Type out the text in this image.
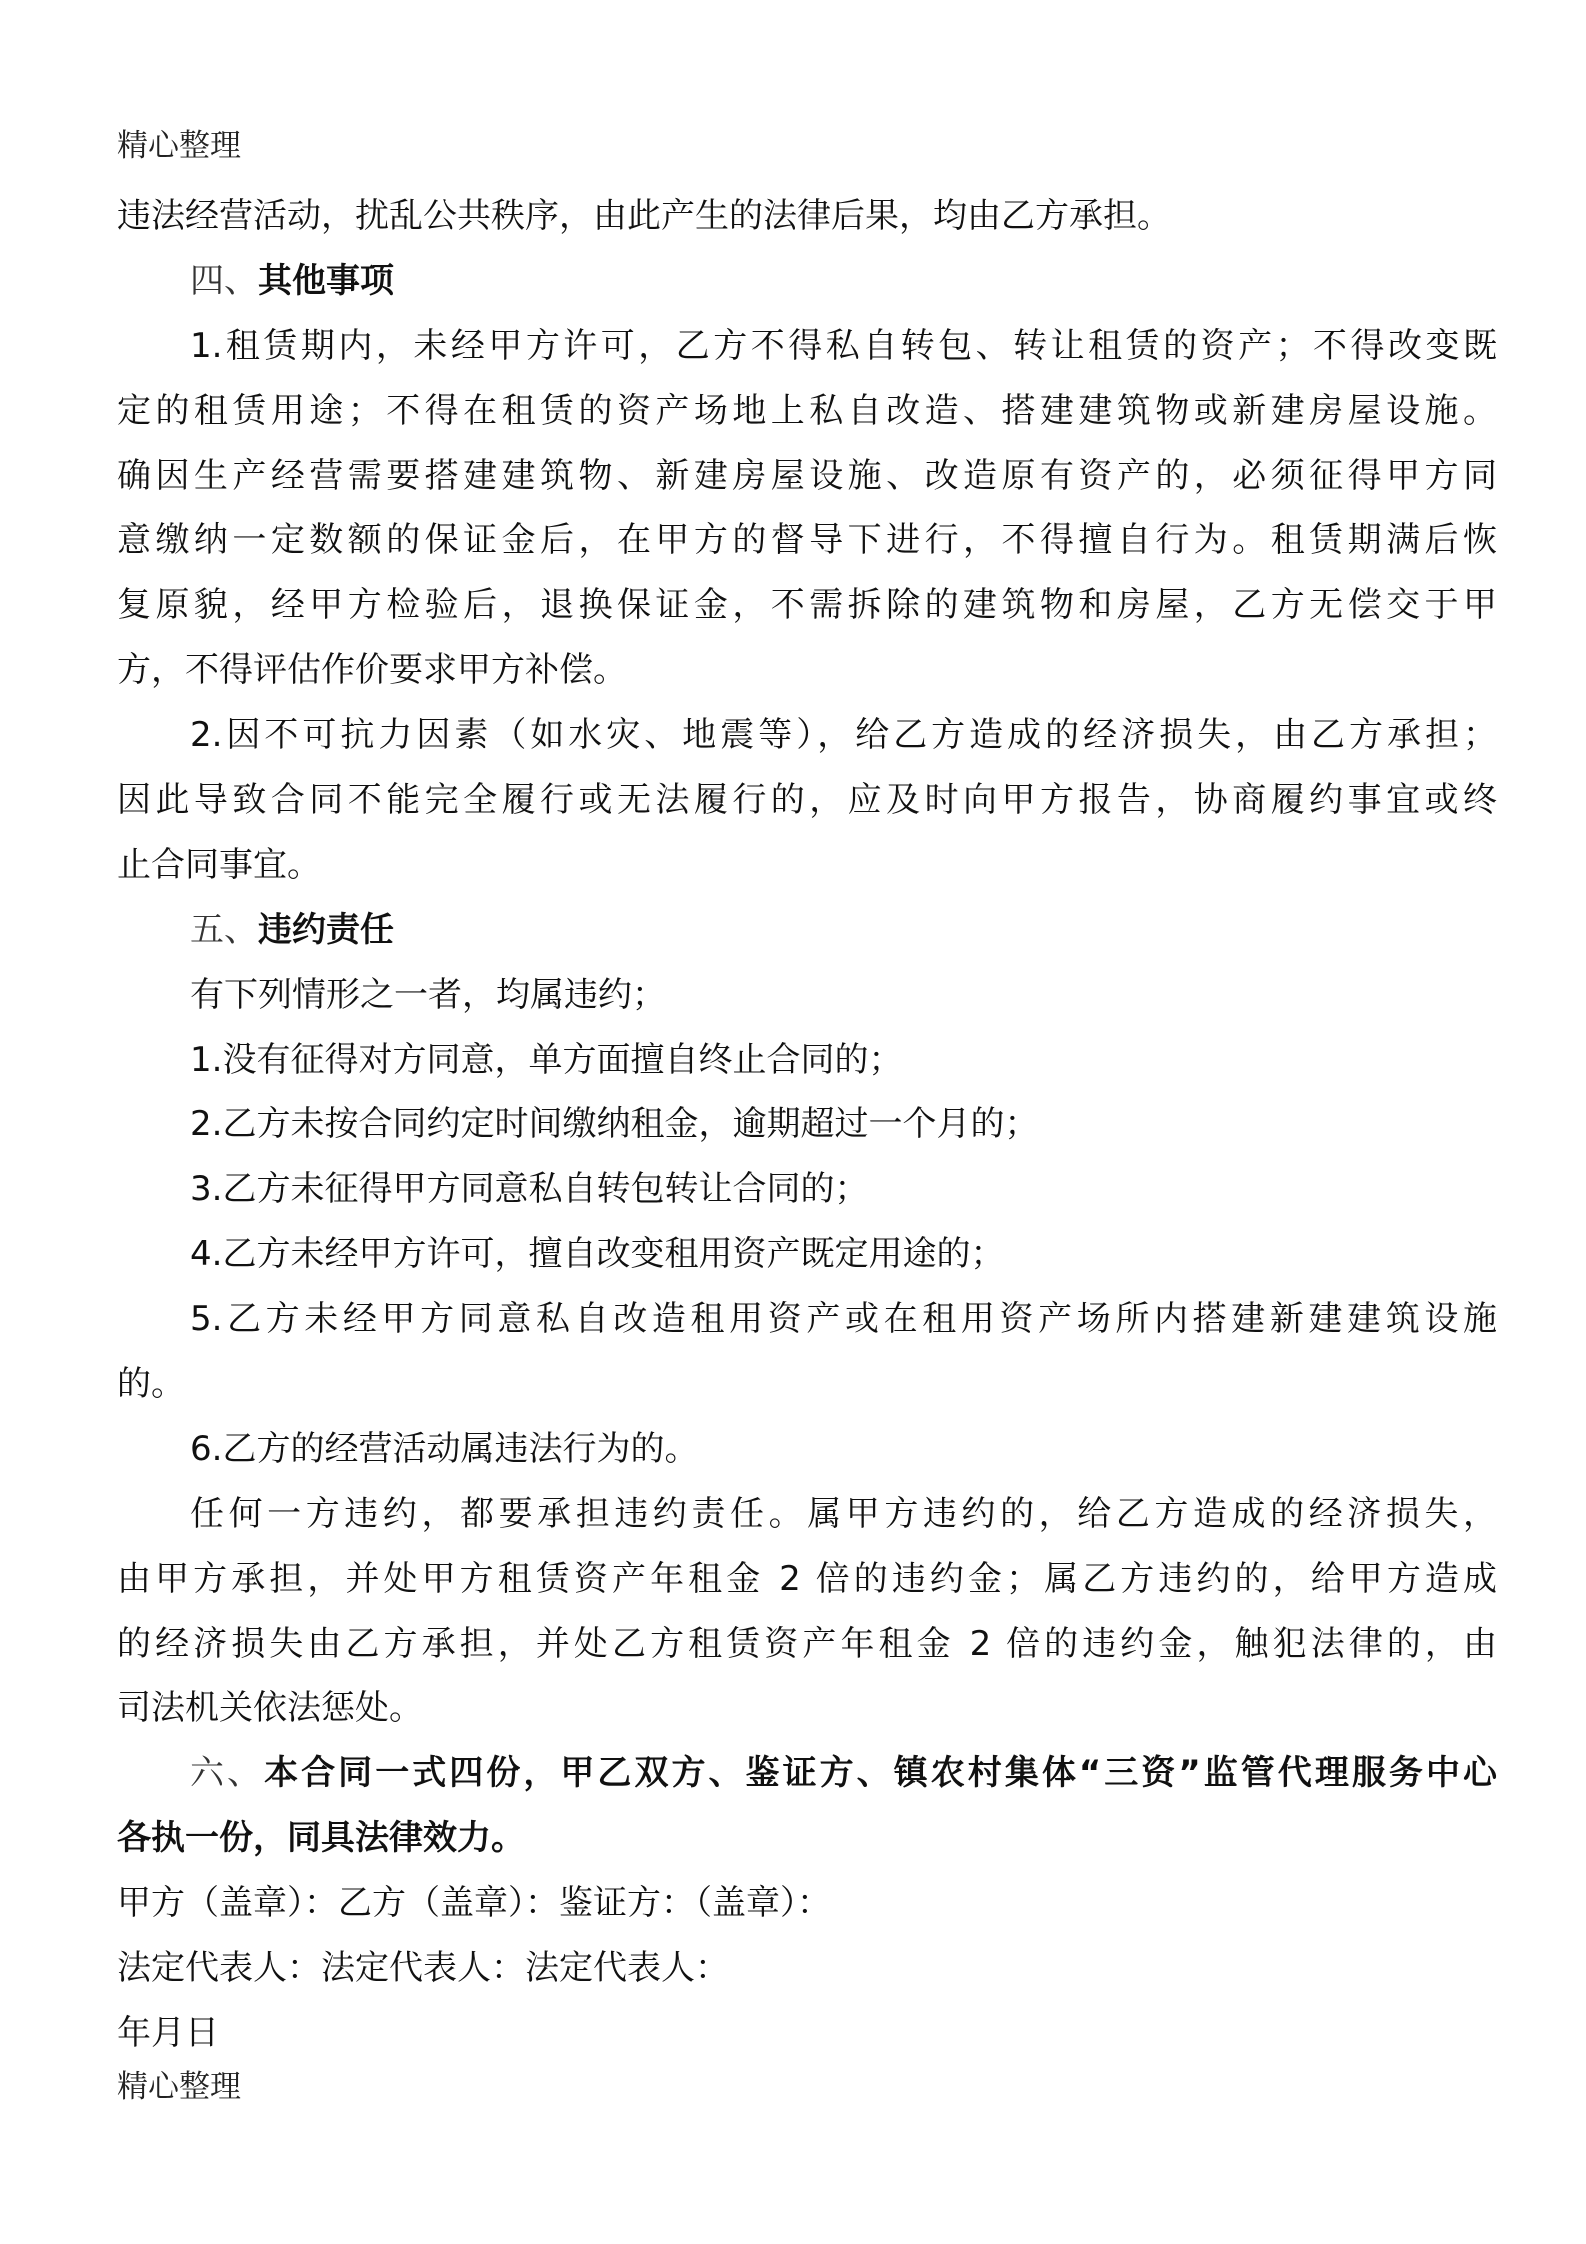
精心整理
违法经营活动，扰乱公共秩序，由此产生的法律后果，均由乙方承担。
四、其他事项
1.租赁期内，未经甲方许可，乙方不得私自转包、转让租赁的资产；不得改变既
定的租赁用途；不得在租赁的资产场地上私自改造、搭建建筑物或新建房屋设施。
确因生产经营需要搭建建筑物、新建房屋设施、改造原有资产的，必须征得甲方同
意缴纳一定数额的保证金后，在甲方的督导下进行，不得擅自行为。租赁期满后恢
复原貌，经甲方检验后，退换保证金，不需拆除的建筑物和房屋，乙方无偿交于甲
方，不得评估作价要求甲方补偿。
2.因不可抗力因素（如水灾、地震等），给乙方造成的经济损失，由乙方承担；
因此导致合同不能完全履行或无法履行的，应及时向甲方报告，协商履约事宜或终
止合同事宜。
五、违约责任
有下列情形之一者，均属违约；
1.没有征得对方同意，单方面擅自终止合同的；
2.乙方未按合同约定时间缴纳租金，逾期超过一个月的；
3.乙方未征得甲方同意私自转包转让合同的；
4.乙方未经甲方许可，擅自改变租用资产既定用途的；
5.乙方未经甲方同意私自改造租用资产或在租用资产场所内搭建新建建筑设施
的。
6.乙方的经营活动属违法行为的。
任何一方违约，都要承担违约责任。属甲方违约的，给乙方造成的经济损失，
由甲方承担，并处甲方租赁资产年租金 2 倍的违约金；属乙方违约的，给甲方造成
的经济损失由乙方承担，并处乙方租赁资产年租金 2 倍的违约金，触犯法律的，由
司法机关依法惩处。
六、本合同一式四份，甲乙双方、鉴证方、镇农村集体“三资”监管代理服务中心
各执一份，同具法律效力。
甲方（盖章）：乙方（盖章）：鉴证方：（盖章）：
法定代表人：法定代表人：法定代表人：
年月日
精心整理
